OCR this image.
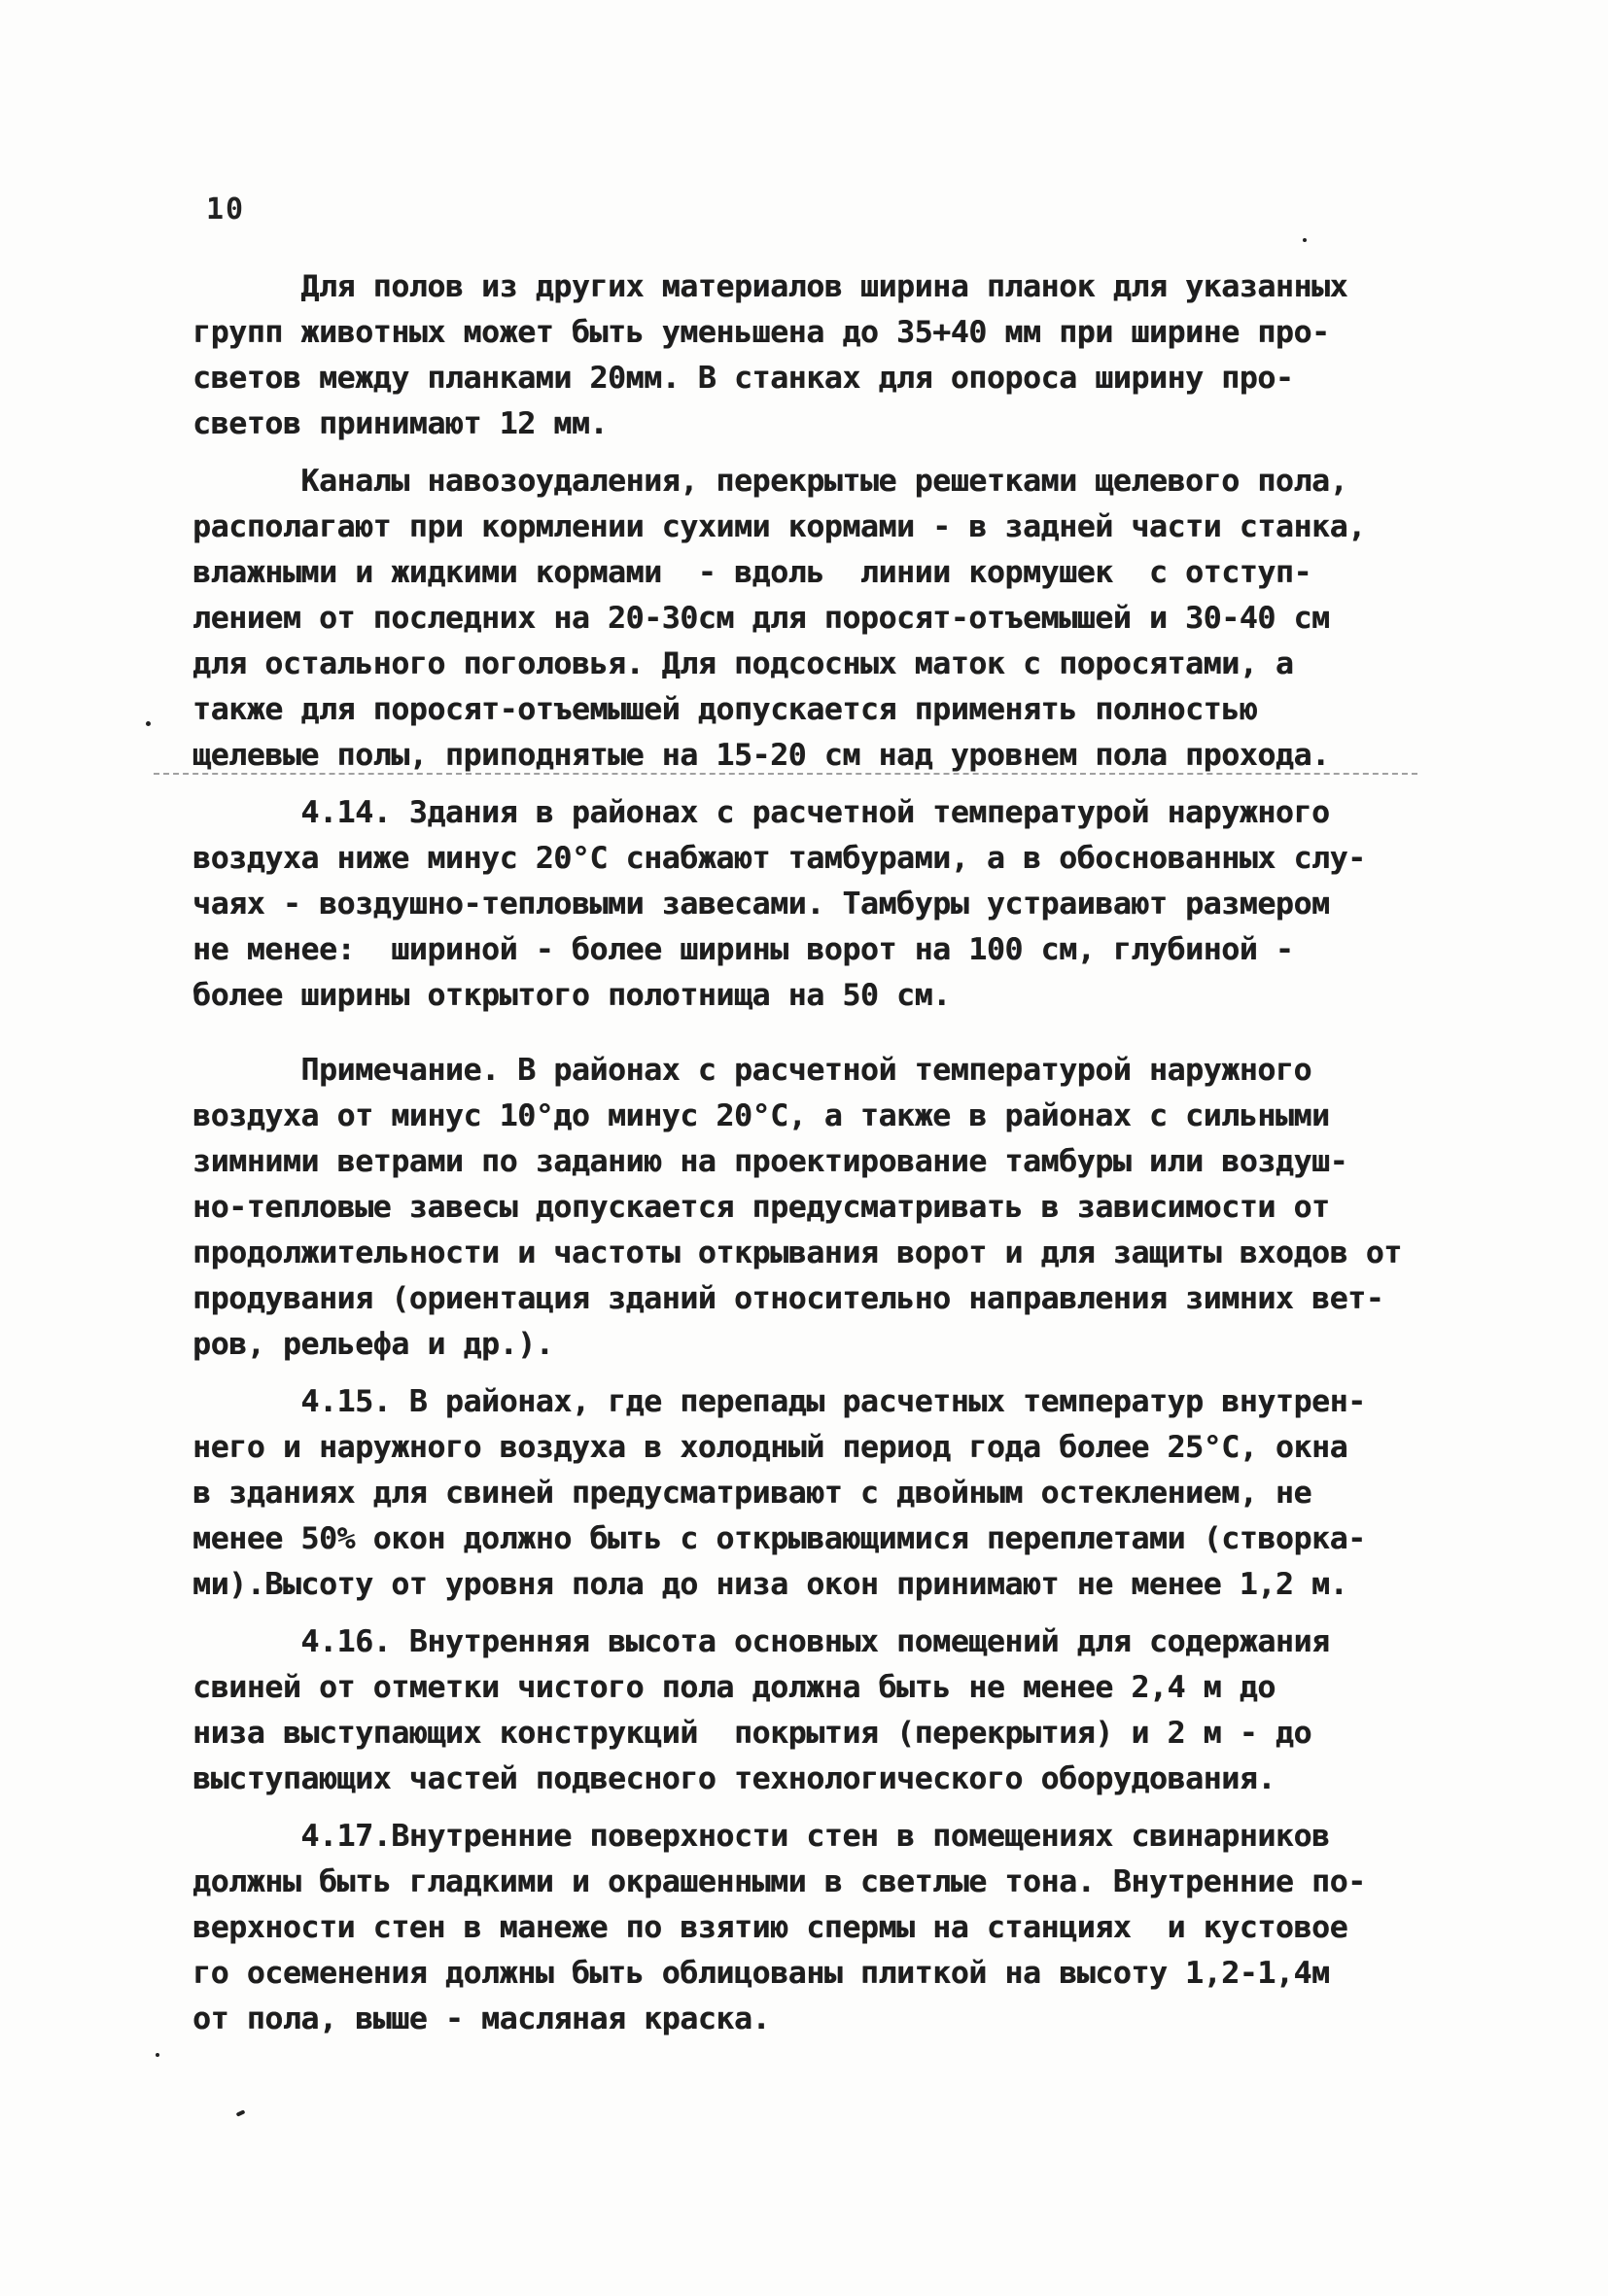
10
Для полов из других материалов ширина планок для указанных
групп животных может быть уменьшена до 35+40 мм при ширине про-
светов между планками 20мм. В станках для опороса ширину про-
светов принимают 12 мм.
Каналы навозоудаления, перекрытые решетками щелевого пола,
располагают при кормлении сухими кормами - в задней части станка,
влажными и жидкими кормами  - вдоль  линии кормушек  с отступ-
лением от последних на 20-30см для поросят-отъемышей и 30-40 см
для остального поголовья. Для подсосных маток с поросятами, а
также для поросят-отъемышей допускается применять полностью
щелевые полы, приподнятые на 15-20 см над уровнем пола прохода.
4.14. Здания в районах с расчетной температурой наружного
воздуха ниже минус 20°С снабжают тамбурами, а в обоснованных слу-
чаях - воздушно-тепловыми завесами. Тамбуры устраивают размером
не менее:  шириной - более ширины ворот на 100 см, глубиной -
более ширины открытого полотнища на 50 см.
Примечание. В районах с расчетной температурой наружного
воздуха от минус 10°до минус 20°С, а также в районах с сильными
зимними ветрами по заданию на проектирование тамбуры или воздуш-
но-тепловые завесы допускается предусматривать в зависимости от
продолжительности и частоты открывания ворот и для защиты входов от
продувания (ориентация зданий относительно направления зимних вет-
ров, рельефа и др.).
4.15. В районах, где перепады расчетных температур внутрен-
него и наружного воздуха в холодный период года более 25°С, окна
в зданиях для свиней предусматривают с двойным остеклением, не
менее 50% окон должно быть с открывающимися переплетами (створка-
ми).Высоту от уровня пола до низа окон принимают не менее 1,2 м.
4.16. Внутренняя высота основных помещений для содержания
свиней от отметки чистого пола должна быть не менее 2,4 м до
низа выступающих конструкций  покрытия (перекрытия) и 2 м - до
выступающих частей подвесного технологического оборудования.
4.17.Внутренние поверхности стен в помещениях свинарников
должны быть гладкими и окрашенными в светлые тона. Внутренние по-
верхности стен в манеже по взятию спермы на станциях  и кустовое
го осеменения должны быть облицованы плиткой на высоту 1,2-1,4м
от пола, выше - масляная краска.
